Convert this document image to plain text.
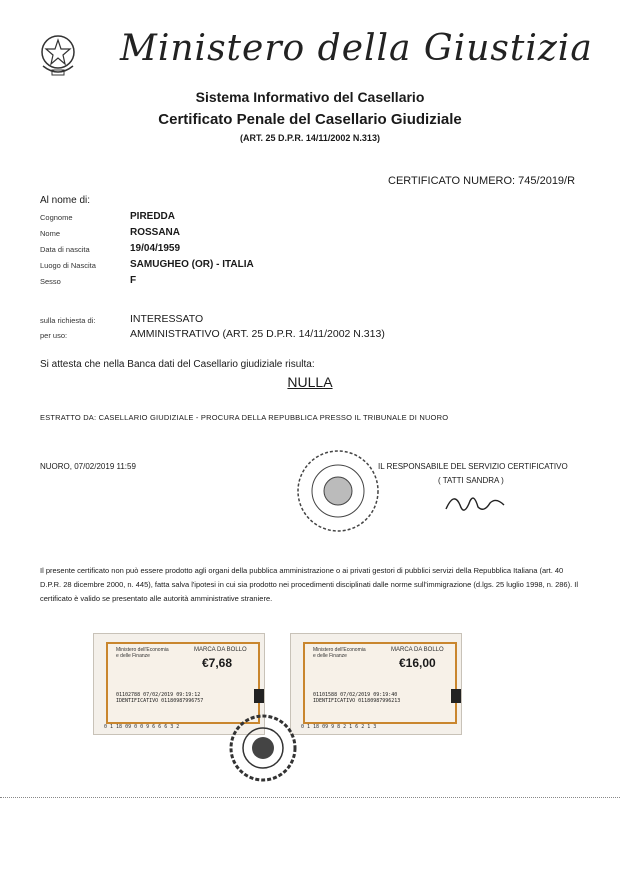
Ministero della Giustizia
Sistema Informativo del Casellario
Certificato Penale del Casellario Giudiziale
(ART. 25 D.P.R. 14/11/2002 N.313)
CERTIFICATO NUMERO: 745/2019/R
Al nome di:
Cognome	PIREDDA
Nome	ROSSANA
Data di nascita	19/04/1959
Luogo di Nascita	SAMUGHEO (OR) - ITALIA
Sesso	F
sulla richiesta di:	INTERESSATO
per uso:	AMMINISTRATIVO (ART. 25 D.P.R. 14/11/2002 N.313)
Si attesta che nella Banca dati del Casellario giudiziale risulta:
NULLA
ESTRATTO DA: CASELLARIO GIUDIZIALE - PROCURA DELLA REPUBBLICA PRESSO IL TRIBUNALE DI NUORO
NUORO, 07/02/2019 11:59	IL RESPONSABILE DEL SERVIZIO CERTIFICATIVO
( TATTI SANDRA )
Il presente certificato non può essere prodotto agli organi della pubblica amministrazione o ai privati gestori di pubblici servizi della Repubblica Italiana (art. 40 D.P.R. 28 dicembre 2000, n. 445), fatta salva l'ipotesi in cui sia prodotto nei procedimenti disciplinati dalle norme sull'immigrazione (d.lgs. 25 luglio 1998, n. 286). Il certificato è valido se presentato alle autorità amministrative straniere.
Ministero dell'Economia e delle Finanze
MARCA DA BOLLO
€7,68
01102788 07/02/2019 09:19:12 IDENTIFICATIVO 01180987996757
0 1 18 09 0 0 9 6 6 6 3 2
Ministero dell'Economia e delle Finanze
MARCA DA BOLLO
€16,00
01101588 07/02/2019 09:19:40 IDENTIFICATIVO 01180987996213
0 1 18 09 9 8 2 1 6 2 1 3
